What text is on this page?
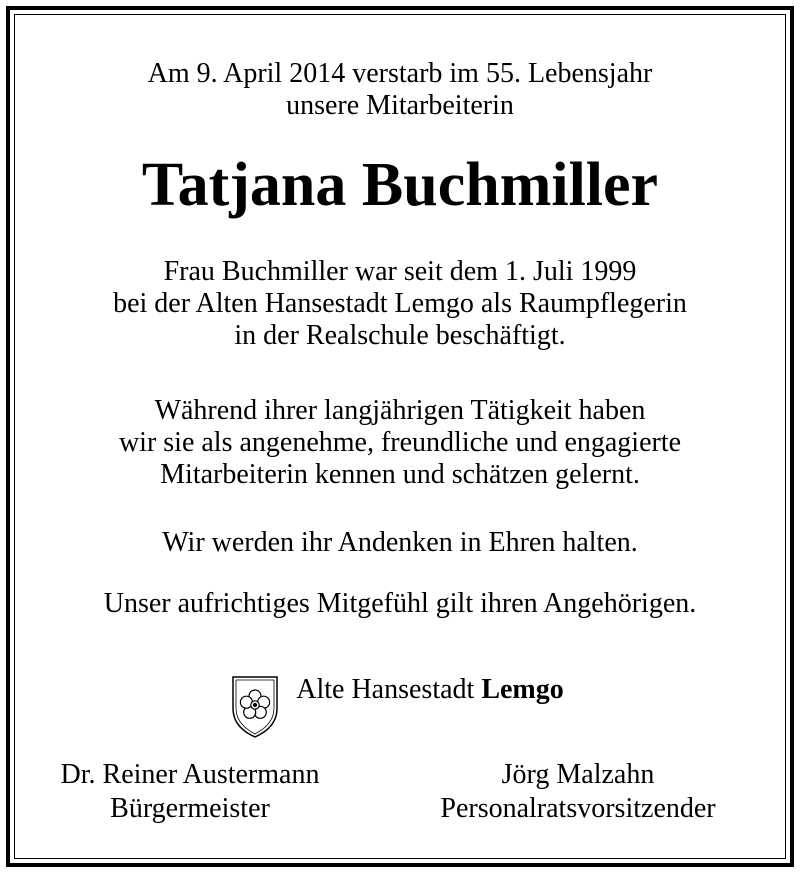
Am 9. April 2014 verstarb im 55. Lebensjahr
unsere Mitarbeiterin
Tatjana Buchmiller
Frau Buchmiller war seit dem 1. Juli 1999
bei der Alten Hansestadt Lemgo als Raumpflegerin
in der Realschule beschäftigt.
Während ihrer langjährigen Tätigkeit haben
wir sie als angenehme, freundliche und engagierte
Mitarbeiterin kennen und schätzen gelernt.
Wir werden ihr Andenken in Ehren halten.
Unser aufrichtiges Mitgefühl gilt ihren Angehörigen.
Alte Hansestadt Lemgo
Dr. Reiner Austermann
Bürgermeister
Jörg Malzahn
Personalratsvorsitzender
